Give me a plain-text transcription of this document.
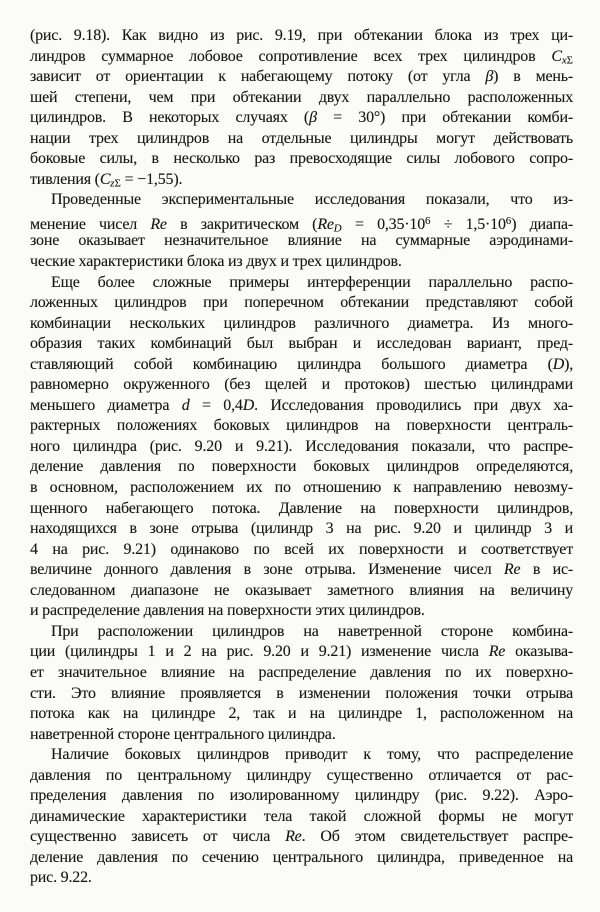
(рис. 9.18). Как видно из рис. 9.19, при обтекании блока из трех ци-
линдров суммарное лобовое сопротивление всех трех цилиндров $C_{x\Sigma}$
зависит от ориентации к набегающему потоку (от угла β) в мень-
шей степени, чем при обтекании двух параллельно расположенных
цилиндров. В некоторых случаях (β = 30°) при обтекании комби-
нации трех цилиндров на отдельные цилиндры могут действовать
боковые силы, в несколько раз превосходящие силы лобового сопро-
тивления $(C_{z\Sigma} = -1,55)$.
Проведенные экспериментальные исследования показали, что из-
менение чисел Re в закритическом $(Re_D = 0,35\cdot 10^6 \div 1,5\cdot 10^6)$ диапа-
зоне оказывает незначительное влияние на суммарные аэродинами-
ческие характеристики блока из двух и трех цилиндров.
Еще более сложные примеры интерференции параллельно распо-
ложенных цилиндров при поперечном обтекании представляют собой
комбинации нескольких цилиндров различного диаметра. Из много-
образия таких комбинаций был выбран и исследован вариант, пред-
ставляющий собой комбинацию цилиндра большого диаметра (D),
равномерно окруженного (без щелей и протоков) шестью цилиндрами
меньшего диаметра d = 0,4D. Исследования проводились при двух ха-
рактерных положениях боковых цилиндров на поверхности централь-
ного цилиндра (рис. 9.20 и 9.21). Исследования показали, что распре-
деление давления по поверхности боковых цилиндров определяются,
в основном, расположением их по отношению к направлению невозму-
щенного набегающего потока. Давление на поверхности цилиндров,
находящихся в зоне отрыва (цилиндр 3 на рис. 9.20 и цилиндр 3 и
4 на рис. 9.21) одинаково по всей их поверхности и соответствует
величине донного давления в зоне отрыва. Изменение чисел Re в ис-
следованном диапазоне не оказывает заметного влияния на величину
и распределение давления на поверхности этих цилиндров.
При расположении цилиндров на наветренной стороне комбина-
ции (цилиндры 1 и 2 на рис. 9.20 и 9.21) изменение числа Re оказыва-
ет значительное влияние на распределение давления по их поверхно-
сти. Это влияние проявляется в изменении положения точки отрыва
потока как на цилиндре 2, так и на цилиндре 1, расположенном на
наветренной стороне центрального цилиндра.
Наличие боковых цилиндров приводит к тому, что распределение
давления по центральному цилиндру существенно отличается от рас-
пределения давления по изолированному цилиндру (рис. 9.22). Аэро-
динамические характеристики тела такой сложной формы не могут
существенно зависеть от числа Re. Об этом свидетельствует распре-
деление давления по сечению центрального цилиндра, приведенное на
рис. 9.22.
